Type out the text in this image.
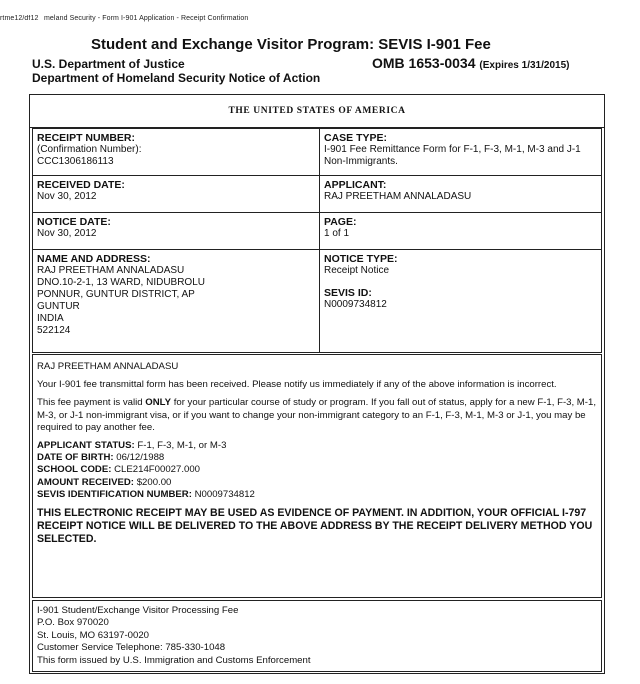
rtme12/df12 meland Security - Form I-901 Application - Receipt Confirmation
Student and Exchange Visitor Program: SEVIS I-901 Fee
U.S. Department of Justice
Department of Homeland Security Notice of Action
OMB 1653-0034 (Expires 1/31/2015)
THE UNITED STATES OF AMERICA
RECEIPT NUMBER:
(Confirmation Number):
CCC1306186113
CASE TYPE:
I-901 Fee Remittance Form for F-1, F-3, M-1, M-3 and J-1 Non-Immigrants.
RECEIVED DATE:
Nov 30, 2012
APPLICANT:
RAJ PREETHAM ANNALADASU
NOTICE DATE:
Nov 30, 2012
PAGE:
1 of 1
NAME AND ADDRESS:
RAJ PREETHAM ANNALADASU
DNO.10-2-1, 13 WARD, NIDUBROLU
PONNUR, GUNTUR DISTRICT, AP
GUNTUR
INDIA
522124
NOTICE TYPE:
Receipt Notice
SEVIS ID:
N0009734812

RAJ PREETHAM ANNALADASU

Your I-901 fee transmittal form has been received. Please notify us immediately if any of the above information is incorrect.

This fee payment is valid ONLY for your particular course of study or program. If you fall out of status, apply for a new F-1, F-3, M-1, M-3, or J-1 non-immigrant visa, or if you want to change your non-immigrant category to an F-1, F-3, M-1, M-3 or J-1, you may be required to pay another fee.

APPLICANT STATUS: F-1, F-3, M-1, or M-3
DATE OF BIRTH: 06/12/1988
SCHOOL CODE: CLE214F00027.000
AMOUNT RECEIVED: $200.00
SEVIS IDENTIFICATION NUMBER: N0009734812

THIS ELECTRONIC RECEIPT MAY BE USED AS EVIDENCE OF PAYMENT. IN ADDITION, YOUR OFFICIAL I-797 RECEIPT NOTICE WILL BE DELIVERED TO THE ABOVE ADDRESS BY THE RECEIPT DELIVERY METHOD YOU SELECTED.

I-901 Student/Exchange Visitor Processing Fee
P.O. Box 970020
St. Louis, MO 63197-0020
Customer Service Telephone: 785-330-1048
This form issued by U.S. Immigration and Customs Enforcement
